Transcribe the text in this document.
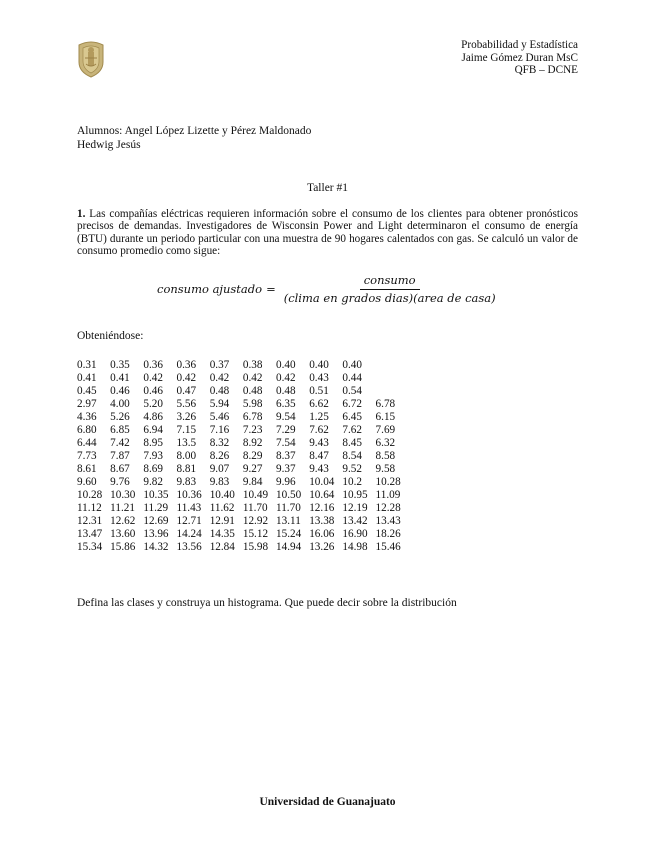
Probabilidad y Estadística
Jaime Gómez Duran MsC
QFB – DCNE
Alumnos: Angel López Lizette y Pérez Maldonado
Hedwig Jesús
Taller #1
1. Las compañías eléctricas requieren información sobre el consumo de los clientes para obtener pronósticos precisos de demandas. Investigadores de Wisconsin Power and Light determinaron el consumo de energía (BTU) durante un periodo particular con una muestra de 90 hogares calentados con gas. Se calculó un valor de consumo promedio como sigue:
consumo ajustado = $\frac{\text{consumo}}{\text{(clima en grados dias)(area de casa)}}$
Obteniéndose:
0.31	0.35	0.36	0.36	0.37	0.38	0.40	0.40	0.40	
0.41	0.41	0.42	0.42	0.42	0.42	0.42	0.43	0.44	
0.45	0.46	0.46	0.47	0.48	0.48	0.48	0.51	0.54	
2.97	4.00	5.20	5.56	5.94	5.98	6.35	6.62	6.72	6.78
4.36	5.26	4.86	3.26	5.46	6.78	9.54	1.25	6.45	6.15
6.80	6.85	6.94	7.15	7.16	7.23	7.29	7.62	7.62	7.69
6.44	7.42	8.95	13.5	8.32	8.92	7.54	9.43	8.45	6.32
7.73	7.87	7.93	8.00	8.26	8.29	8.37	8.47	8.54	8.58
8.61	8.67	8.69	8.81	9.07	9.27	9.37	9.43	9.52	9.58
9.60	9.76	9.82	9.83	9.83	9.84	9.96	10.04	10.2	10.28
10.28	10.30	10.35	10.36	10.40	10.49	10.50	10.64	10.95	11.09
11.12	11.21	11.29	11.43	11.62	11.70	11.70	12.16	12.19	12.28
12.31	12.62	12.69	12.71	12.91	12.92	13.11	13.38	13.42	13.43
13.47	13.60	13.96	14.24	14.35	15.12	15.24	16.06	16.90	18.26
15.34	15.86	14.32	13.56	12.84	15.98	14.94	13.26	14.98	15.46
Defina las clases y construya un histograma. Que puede decir sobre la distribución
Universidad de Guanajuato
